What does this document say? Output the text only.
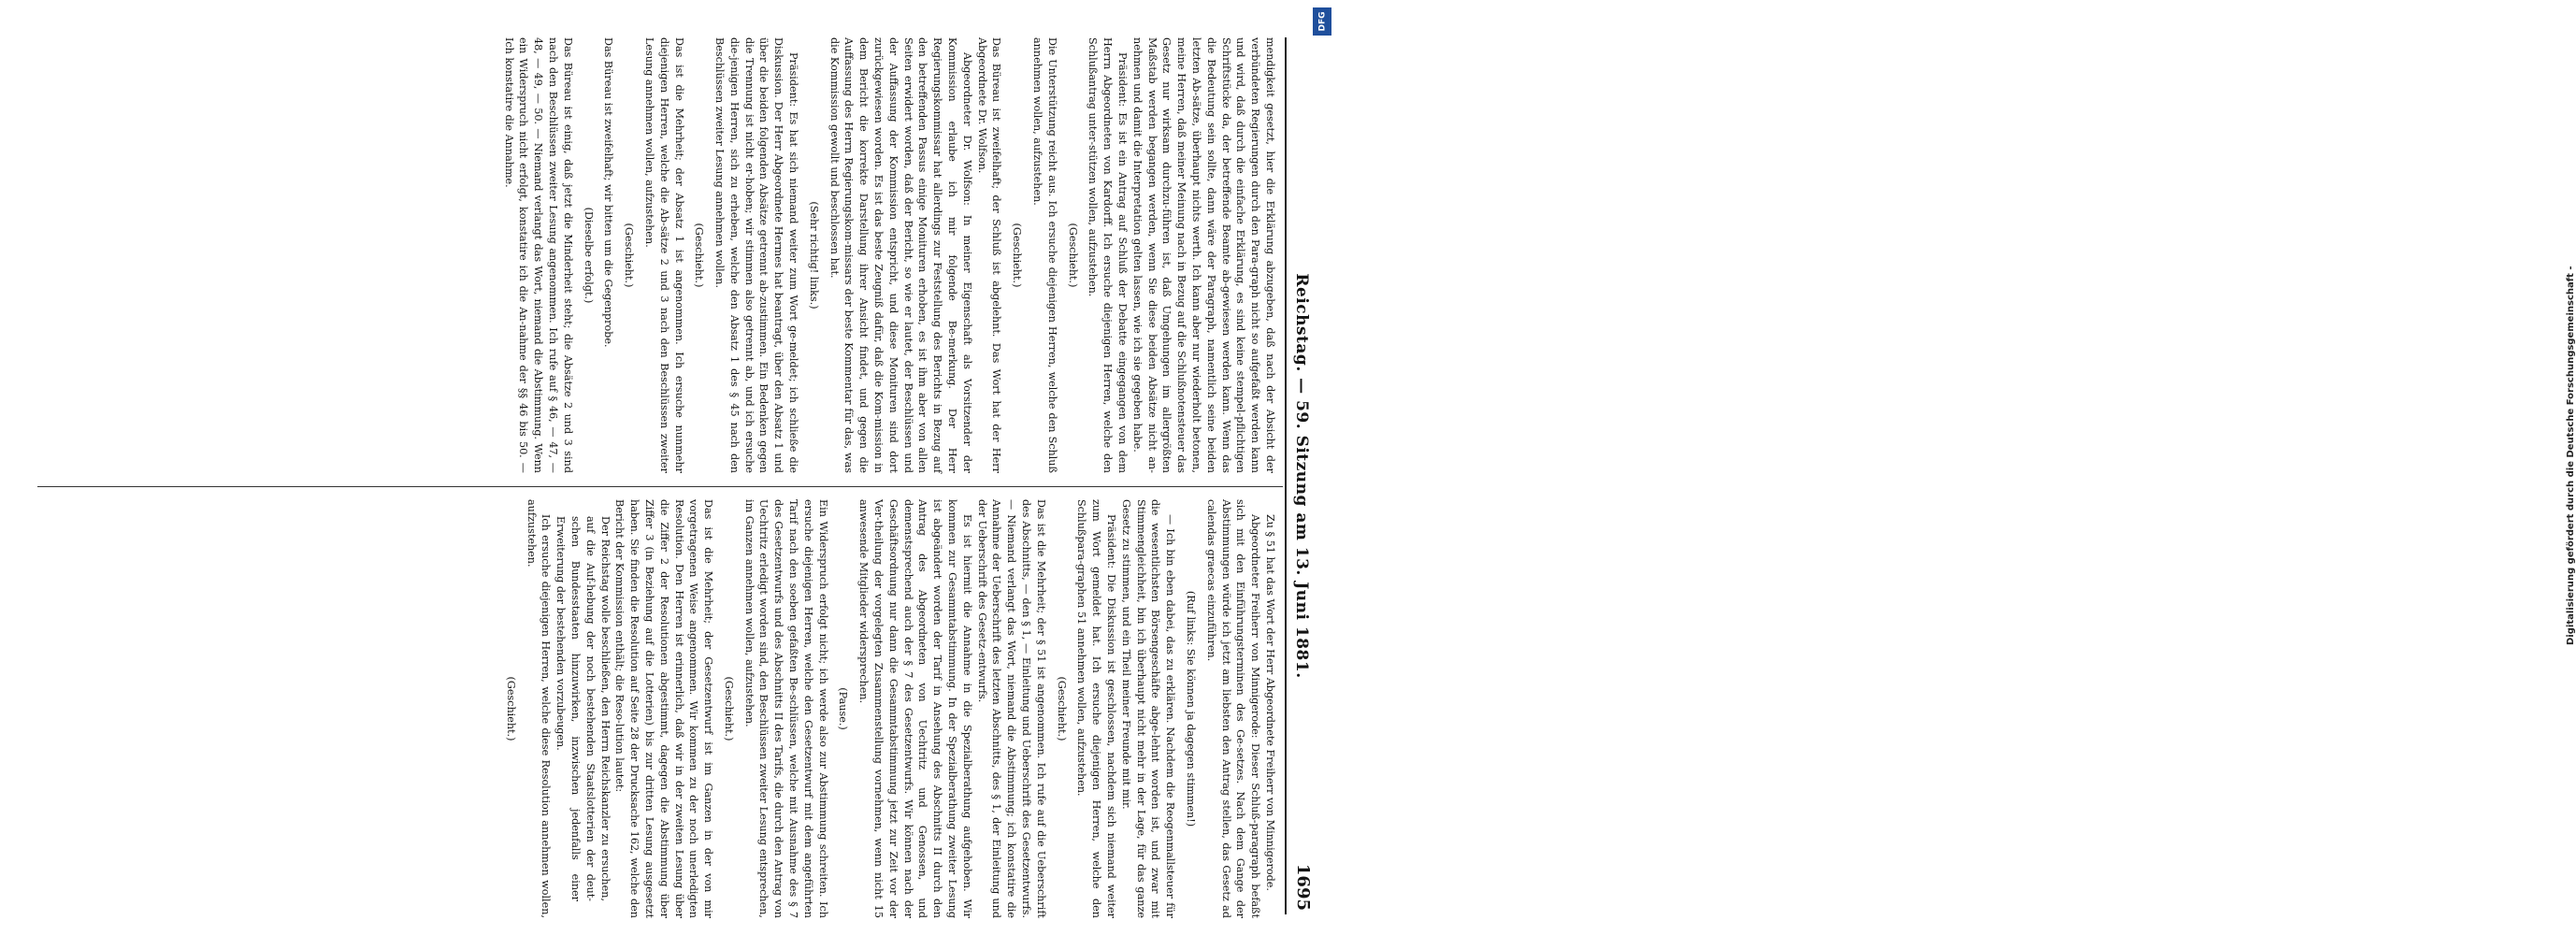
Reichstag. — 59. Sitzung am 13. Juni 1881.
1695

mendigkeit gesetzt, hier die Erklärung abzugeben, daß nach der Absicht der verbündeten Regierungen durch den Para-graph nicht so aufgefaßt werden kann und wird, daß durch die einfache Erklärung, es sind keine stempel-pflichtigen Schriftstücke da, der betreffende Beamte ab-gewiesen werden kann. Wenn das die Bedeutung sein sollte, dann wäre der Paragraph, namentlich seine beiden letzten Ab-sätze, überhaupt nichts werth. Ich kann aber nur wiederholt betonen, meine Herren, daß meiner Meinung nach in Bezug auf die Schlußnotensteuer das Gesetz nur wirksam durchzu-führen ist, daß Umgehungen im allergrößten Maßstab werden begangen werden, wenn Sie diese beiden Absätze nicht an-nehmen und damit die Interpretation gelten lassen, wie ich sie gegeben habe.

Präsident: Es ist ein Antrag auf Schluß der Debatte eingegangen von dem Herrn Abgeordneten von Kardorff. Ich ersuche diejenigen Herren, welche den Schlußantrag unter-stützen wollen, aufzustehen.

(Geschieht.)

Die Unterstützung reicht aus. Ich ersuche diejenigen Herren, welche den Schluß annehmen wollen, aufzustehen.

(Geschieht.)

Das Büreau ist zweifelhaft; der Schluß ist abgelehnt. Das Wort hat der Herr Abgeordnete Dr. Wolfson.

Abgeordneter Dr. Wolfson: In meiner Eigenschaft als Vorsitzender der Kommission erlaube ich mir folgende Be-merkung. Der Herr Regierungskommissar hat allerdings zur Feststellung des Berichts in Bezug auf den betreffenden Passus einige Monituren erhoben, es ist ihm aber von allen Seiten erwidert worden, daß der Bericht, so wie er lautet, der Beschlüssen und der Auffassung der Kommission entspricht, und diese Monituren sind dort zurückgewiesen worden. Es ist das beste Zeugniß dafür, daß die Kom-mission in dem Bericht die korrekte Darstellung ihrer Ansicht findet, und gegen die Auffassung des Herrn Regierungskom-missars der beste Kommentar für das, was die Kommission gewollt und beschlossen hat.

(Sehr richtig! links.)

Präsident: Es hat sich niemand weiter zum Wort ge-meldet; ich schließe die Diskussion. Der Herr Abgeordnete Hermes hat beantragt, über den Absatz 1 und über die beiden folgenden Absätze getrennt ab-zustimmen. Ein Bedenken gegen die Trennung ist nicht er-hoben; wir stimmen also getrennt ab, und ich ersuche die-jenigen Herren, sich zu erheben, welche den Absatz 1 des § 45 nach den Beschlüssen zweiter Lesung annehmen wollen.

(Geschieht.)

Das ist die Mehrheit; der Absatz 1 ist angenommen. Ich ersuche nunmehr diejenigen Herren, welche die Ab-sätze 2 und 3 nach den Beschlüssen zweiter Lesung annehmen wollen, aufzustehen.

(Geschieht.)

Das Büreau ist zweifelhaft; wir bitten um die Gegenprobe.

(Dieselbe erfolgt.)

Das Büreau ist einig, daß jetzt die Minderheit steht; die Absätze 2 und 3 sind nach den Beschlüssen zweiter Lesung angenommen. Ich rufe auf § 46, — 47, — 48, — 49, — 50. — Niemand verlangt das Wort, niemand die Abstimmung. Wenn ein Widerspruch nicht erfolgt, konstatire ich die An-nahme der §§ 46 bis 50. — Ich konstatire die Annahme.

Zu § 51 hat das Wort der Herr Abgeordnete Freiherr von Minnigerode.

Abgeordneter Freiherr von Minnigerode: Dieser Schluß-paragraph befaßt sich mit den Einführungsterminen des Ge-setzes. Nach dem Gange der Abstimmungen würde ich jetzt am liebsten den Antrag stellen, das Gesetz ad calendas graecas einzuführen.

(Ruf links: Sie können ja dagegen stimmen!)

— Ich bin eben dabei, das zu erklären. Nachdem die Reogenmallsteuer für die wesentlichsten Börsengeschäfte abge-lehnt worden ist, und zwar mit Stimmengleichheit, bin ich überhaupt nicht mehr in der Lage, für das ganze Gesetz zu stimmen, und ein Theil meiner Freunde mit mir.

Präsident: Die Diskussion ist geschlossen, nachdem sich niemand weiter zum Wort gemeldet hat. Ich ersuche diejenigen Herren, welche den Schlußpara-graphen 51 annehmen wollen, aufzustehen.

(Geschieht.)

Das ist die Mehrheit; der § 51 ist angenommen. Ich rufe auf die Ueberschrift des Abschnitts, — den § 1, — Einleitung und Ueberschrift des Gesetzentwurfs. — Niemand verlangt das Wort, niemand die Abstimmung; ich konstatire die Annahme der Ueberschrift des letzten Abschnitts, des § 1, der Einleitung und der Ueberschrift des Gesetz-entwurfs.

Es ist hiermit die Annahme in die Spezialberathung aufgehoben. Wir kommen zur Gesammtabstimmung. In der Spezialberathung zweiter Lesung ist abgeändert worden der Tarif in Ansehung des Abschnitts II durch den Antrag des Abgeordneten von Uechtritz und Genossen, und demenstsprechend auch der § 7 des Gesetzentwurfs. Wir können nach der Geschäftsordnung nur dann die Gesammtabstimmung jetzt zur Zeit vor der Ver-theilung der vorgelegten Zusammenstellung vornehmen, wenn nicht 15 anwesende Mitglieder widersprechen.

(Pause.)

Ein Widerspruch erfolgt nicht; ich werde also zur Abstimmung schreiten. Ich ersuche diejenigen Herren, welche den Gesetzentwurf mit dem angeführten Tarif nach den soeben gefaßten Be-schlüssen, welche mit Ausnahme des § 7 des Gesetzentwurfs und des Abschnitts II des Tarifs, die durch den Antrag von Uechtritz erledigt worden sind, den Beschlüssen zweiter Lesung entsprechen, im Ganzen annehmen wollen, aufzustehen.

(Geschieht.)

Das ist die Mehrheit; der Gesetzentwurf ist im Ganzen in der von mir vorgetragenen Weise angenommen. Wir kommen zu der noch unerledigten Resolution. Den Herren ist erinnerlich, daß wir in der zweiten Lesung über die Ziffer 2 der Resolutionen abgestimmt, dagegen die Abstimmung über Ziffer 3 (in Beziehung auf die Lotterien) bis zur dritten Lesung ausgesetzt haben. Sie finden die Resolution auf Seite 28 der Drucksache 162, welche den Bericht der Kommission enthält; die Reso-lution lautet:

Der Reichstag wolle beschließen, den Herrn Reichskanzler zu ersuchen, auf die Auf-hebung der noch bestehenden Staatslotterien der deut-schen Bundesstaaten hinzuwirken, inzwischen jedenfalls einer Erweiterung der bestehenden vorzubeugen.

Ich ersuche diejenigen Herren, welche diese Resolution annehmen wollen, aufzustehen.

(Geschieht.)

Digitalisierung gefördert durch die Deutsche Forschungsgemeinschaft -
DFG
